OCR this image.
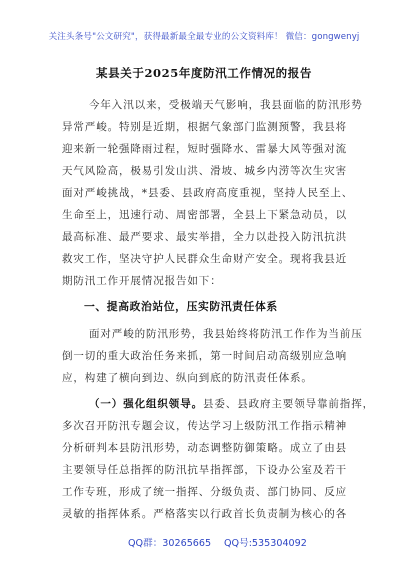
关注头条号"公文研究"，获得最新最全最专业的公文资料库！ 微信：gongwenyj
某县关于2025年度防汛工作情况的报告
今年入汛以来，受极端天气影响，我县面临的防汛形势
异常严峻。特别是近期，根据气象部门监测预警，我县将
迎来新一轮强降雨过程，短时强降水、雷暴大风等强对流
天气风险高，极易引发山洪、滑坡、城乡内涝等次生灾害
面对严峻挑战，*县委、县政府高度重视，坚持人民至上、
生命至上，迅速行动、周密部署，全县上下紧急动员，以
最高标准、最严要求、最实举措，全力以赴投入防汛抗洪
救灾工作，坚决守护人民群众生命财产安全。现将我县近
期防汛工作开展情况报告如下：
一、提高政治站位，压实防汛责任体系
面对严峻的防汛形势，我县始终将防汛工作作为当前压
倒一切的重大政治任务来抓，第一时间启动高级别应急响
应，构建了横向到边、纵向到底的防汛责任体系。
（一）强化组织领导。县委、县政府主要领导靠前指挥，
多次召开防汛专题会议，传达学习上级防汛工作指示精神
分析研判本县防汛形势，动态调整防御策略。成立了由县
主要领导任总指挥的防汛抗旱指挥部，下设办公室及若干
工作专班，形成了统一指挥、分级负责、部门协同、反应
灵敏的指挥体系。严格落实以行政首长负责制为核心的各
QQ群：30265665 QQ号:535304092
